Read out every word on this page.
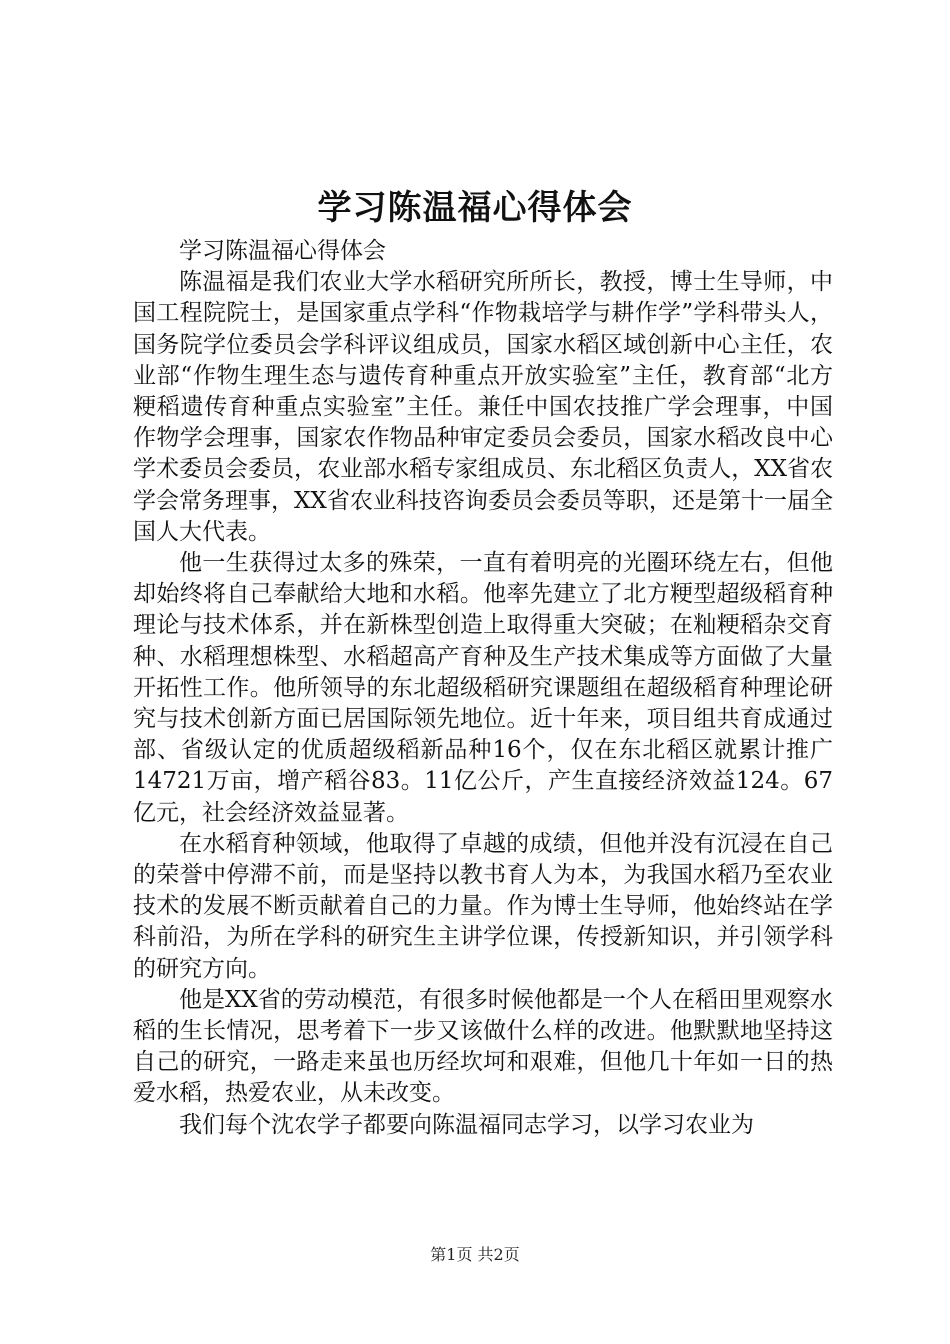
学习陈温福心得体会

学习陈温福心得体会

陈温福是我们农业大学水稻研究所所长，教授，博士生导师，中国工程院院士，是国家重点学科“作物栽培学与耕作学”学科带头人，国务院学位委员会学科评议组成员，国家水稻区域创新中心主任，农业部“作物生理生态与遗传育种重点开放实验室”主任，教育部“北方粳稻遗传育种重点实验室”主任。兼任中国农技推广学会理事，中国作物学会理事，国家农作物品种审定委员会委员，国家水稻改良中心学术委员会委员，农业部水稻专家组成员、东北稻区负责人，XX省农学会常务理事，XX省农业科技咨询委员会委员等职，还是第十一届全国人大代表。

他一生获得过太多的殊荣，一直有着明亮的光圈环绕左右，但他却始终将自己奉献给大地和水稻。他率先建立了北方粳型超级稻育种理论与技术体系，并在新株型创造上取得重大突破；在籼粳稻杂交育种、水稻理想株型、水稻超高产育种及生产技术集成等方面做了大量开拓性工作。他所领导的东北超级稻研究课题组在超级稻育种理论研究与技术创新方面已居国际领先地位。近十年来，项目组共育成通过部、省级认定的优质超级稻新品种16个，仅在东北稻区就累计推广14721万亩，增产稻谷83。11亿公斤，产生直接经济效益124。67亿元，社会经济效益显著。

在水稻育种领域，他取得了卓越的成绩，但他并没有沉浸在自己的荣誉中停滞不前，而是坚持以教书育人为本，为我国水稻乃至农业技术的发展不断贡献着自己的力量。作为博士生导师，他始终站在学科前沿，为所在学科的研究生主讲学位课，传授新知识，并引领学科的研究方向。

他是XX省的劳动模范，有很多时候他都是一个人在稻田里观察水稻的生长情况，思考着下一步又该做什么样的改进。他默默地坚持这自己的研究，一路走来虽也历经坎坷和艰难，但他几十年如一日的热爱水稻，热爱农业，从未改变。

我们每个沈农学子都要向陈温福同志学习，以学习农业为

第1页 共2页
